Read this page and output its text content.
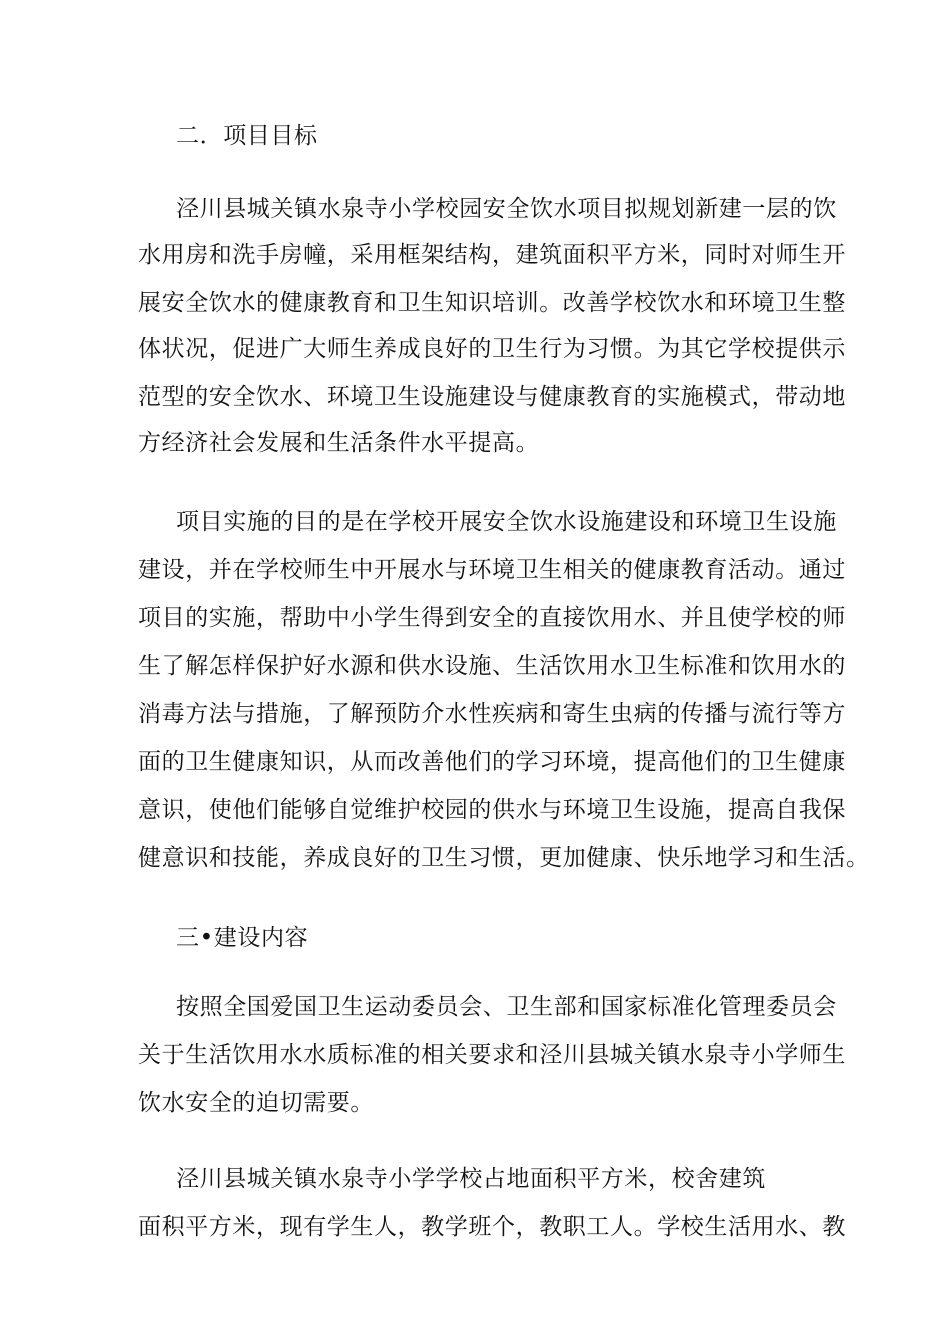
二．项目目标
泾川县城关镇水泉寺小学校园安全饮水项目拟规划新建一层的饮
水用房和洗手房幢，采用框架结构，建筑面积平方米，同时对师生开
展安全饮水的健康教育和卫生知识培训。改善学校饮水和环境卫生整
体状况，促进广大师生养成良好的卫生行为习惯。为其它学校提供示
范型的安全饮水、环境卫生设施建设与健康教育的实施模式，带动地
方经济社会发展和生活条件水平提高。
项目实施的目的是在学校开展安全饮水设施建设和环境卫生设施
建设，并在学校师生中开展水与环境卫生相关的健康教育活动。通过
项目的实施，帮助中小学生得到安全的直接饮用水、并且使学校的师
生了解怎样保护好水源和供水设施、生活饮用水卫生标准和饮用水的
消毒方法与措施，了解预防介水性疾病和寄生虫病的传播与流行等方
面的卫生健康知识，从而改善他们的学习环境，提高他们的卫生健康
意识，使他们能够自觉维护校园的供水与环境卫生设施，提高自我保
健意识和技能，养成良好的卫生习惯，更加健康、快乐地学习和生活。
三•建设内容
按照全国爱国卫生运动委员会、卫生部和国家标准化管理委员会
关于生活饮用水水质标准的相关要求和泾川县城关镇水泉寺小学师生
饮水安全的迫切需要。
泾川县城关镇水泉寺小学学校占地面积平方米，校舍建筑
面积平方米，现有学生人，教学班个，教职工人。学校生活用水、教
